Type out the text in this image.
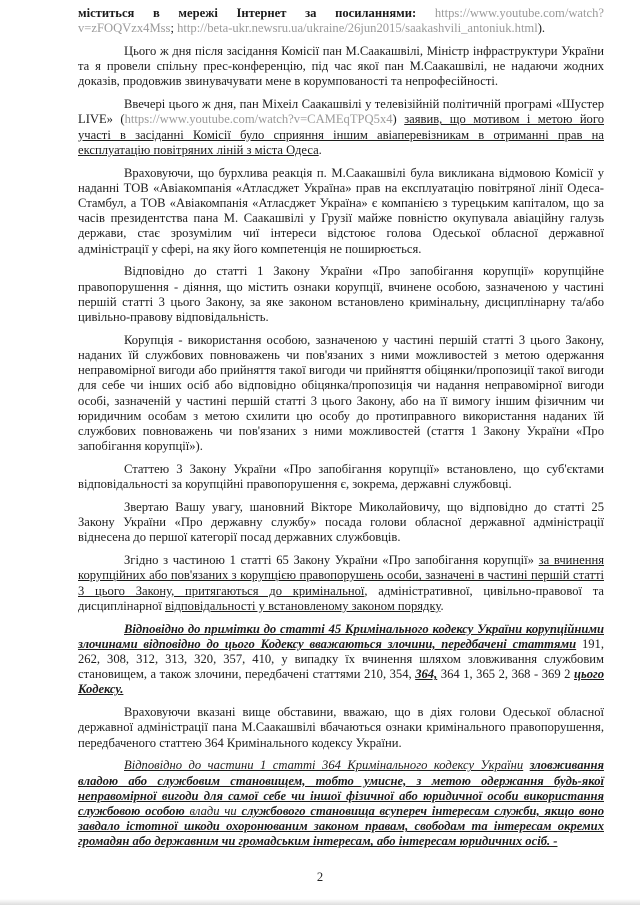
міститься в мережі Інтернет за посиланнями: https://www.youtube.com/watch?v=zFOQVzx4Mss; http://beta-ukr.newsru.ua/ukraine/26jun2015/saakashvili_antoniuk.html).

Цього ж дня після засідання Комісії пан М.Саакашвілі, Міністр інфраструктури України та я провели спільну прес-конференцію, під час якої пан М.Саакашвілі, не надаючи жодних доказів, продовжив звинувачувати мене в корумпованості та непрофесійності.

Ввечері цього ж дня, пан Міхеіл Саакашвілі у телевізійній політичній програмі «Шустер LIVE» (https://www.youtube.com/watch?v=CAMEqTPQ5x4) заявив, що мотивом і метою його участі в засіданні Комісії було сприяння іншим авіаперевізникам в отриманні прав на експлуатацію повітряних ліній з міста Одеса.

Враховуючи, що бурхлива реакція п. М.Саакашвілі була викликана відмовою Комісії у наданні ТОВ «Авіакомпанія «Атласджет Україна» прав на експлуатацію повітряної лінії Одеса-Стамбул, а ТОВ «Авіакомпанія «Атласджет Україна» є компанією з турецьким капіталом, що за часів президентства пана М. Саакашвілі у Грузії майже повністю окупувала авіаційну галузь держави, стає зрозумілим чиї інтереси відстоює голова Одеської обласної державної адміністрації у сфері, на яку його компетенція не поширюється.

Відповідно до статті 1 Закону України «Про запобігання корупції» корупційне правопорушення - діяння, що містить ознаки корупції, вчинене особою, зазначеною у частині першій статті 3 цього Закону, за яке законом встановлено кримінальну, дисциплінарну та/або цивільно-правову відповідальність.

Корупція - використання особою, зазначеною у частині першій статті 3 цього Закону, наданих їй службових повноважень чи пов'язаних з ними можливостей з метою одержання неправомірної вигоди або прийняття такої вигоди чи прийняття обіцянки/пропозиції такої вигоди для себе чи інших осіб або відповідно обіцянка/пропозиція чи надання неправомірної вигоди особі, зазначеній у частині першій статті 3 цього Закону, або на її вимогу іншим фізичним чи юридичним особам з метою схилити цю особу до протиправного використання наданих їй службових повноважень чи пов'язаних з ними можливостей (стаття 1 Закону України «Про запобігання корупції»).

Статтею 3 Закону України «Про запобігання корупції» встановлено, що суб'єктами відповідальності за корупційні правопорушення є, зокрема, державні службовці.

Звертаю Вашу увагу, шановний Вікторе Миколайовичу, що відповідно до статті 25 Закону України «Про державну службу» посада голови обласної державної адміністрації віднесена до першої категорії посад державних службовців.

Згідно з частиною 1 статті 65 Закону України «Про запобігання корупції» за вчинення корупційних або пов'язаних з корупцією правопорушень особи, зазначені в частині першій статті 3 цього Закону, притягаються до кримінальної, адміністративної, цивільно-правової та дисциплінарної відповідальності у встановленому законом порядку.

Відповідно до примітки до статті 45 Кримінального кодексу України корупційними злочинами відповідно до цього Кодексу вважаються злочини, передбачені статтями 191, 262, 308, 312, 313, 320, 357, 410, у випадку їх вчинення шляхом зловживання службовим становищем, а також злочини, передбачені статтями 210, 354, 364, 364 1, 365 2, 368 - 369 2 цього Кодексу.

Враховуючи вказані вище обставини, вважаю, що в діях голови Одеської обласної державної адміністрації пана М.Саакашвілі вбачаються ознаки кримінального правопорушення, передбаченого статтею 364 Кримінального кодексу України.

Відповідно до частини 1 статті 364 Кримінального кодексу України зловживання владою або службовим становищем, тобто умисне, з метою одержання будь-якої неправомірної вигоди для самої себе чи іншої фізичної або юридичної особи використання службовою особою влади чи службового становища всупереч інтересам служби, якщо воно завдало істотної шкоди охоронюваним законом правам, свободам та інтересам окремих громадян або державним чи громадським інтересам, або інтересам юридичних осіб. -

2
